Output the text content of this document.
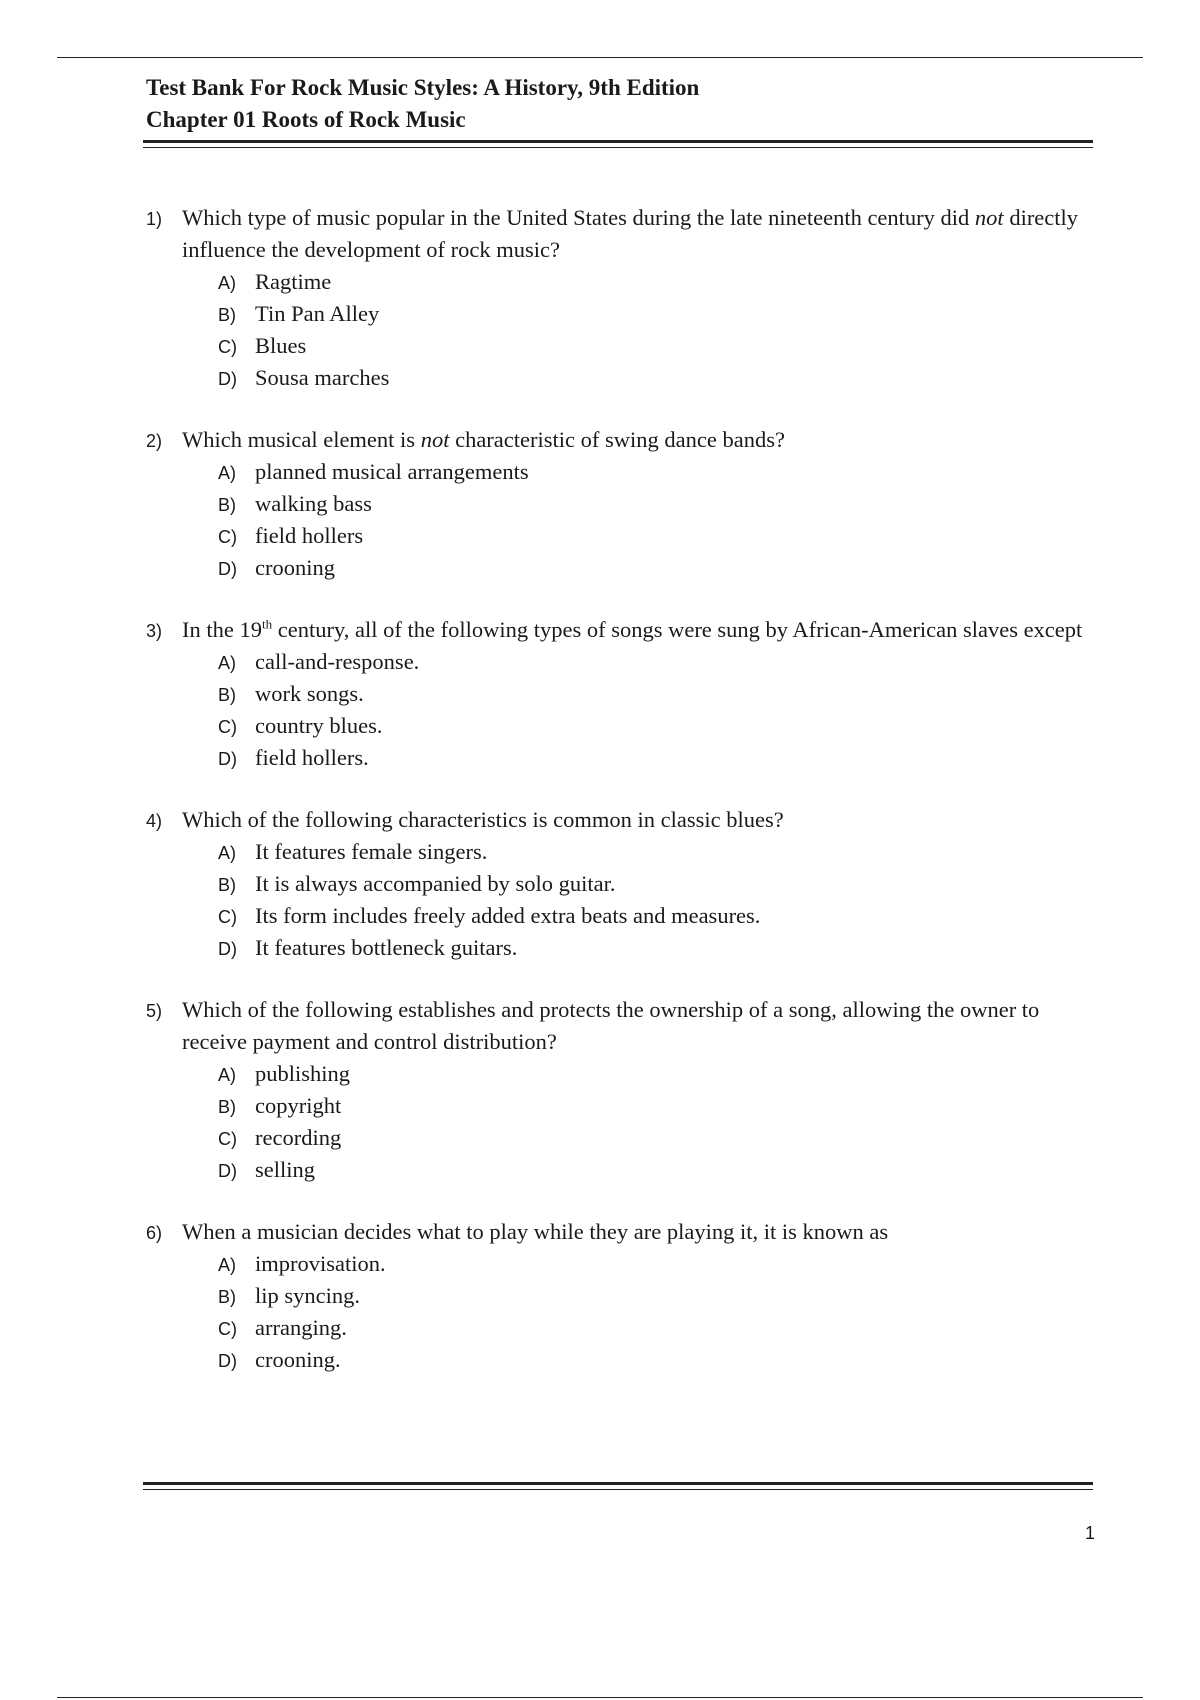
Test Bank For Rock Music Styles: A History, 9th Edition
Chapter 01 Roots of Rock Music
1) Which type of music popular in the United States during the late nineteenth century did not directly influence the development of rock music?
A) Ragtime
B) Tin Pan Alley
C) Blues
D) Sousa marches
2) Which musical element is not characteristic of swing dance bands?
A) planned musical arrangements
B) walking bass
C) field hollers
D) crooning
3) In the 19th century, all of the following types of songs were sung by African-American slaves except
A) call-and-response.
B) work songs.
C) country blues.
D) field hollers.
4) Which of the following characteristics is common in classic blues?
A) It features female singers.
B) It is always accompanied by solo guitar.
C) Its form includes freely added extra beats and measures.
D) It features bottleneck guitars.
5) Which of the following establishes and protects the ownership of a song, allowing the owner to receive payment and control distribution?
A) publishing
B) copyright
C) recording
D) selling
6) When a musician decides what to play while they are playing it, it is known as
A) improvisation.
B) lip syncing.
C) arranging.
D) crooning.
1
